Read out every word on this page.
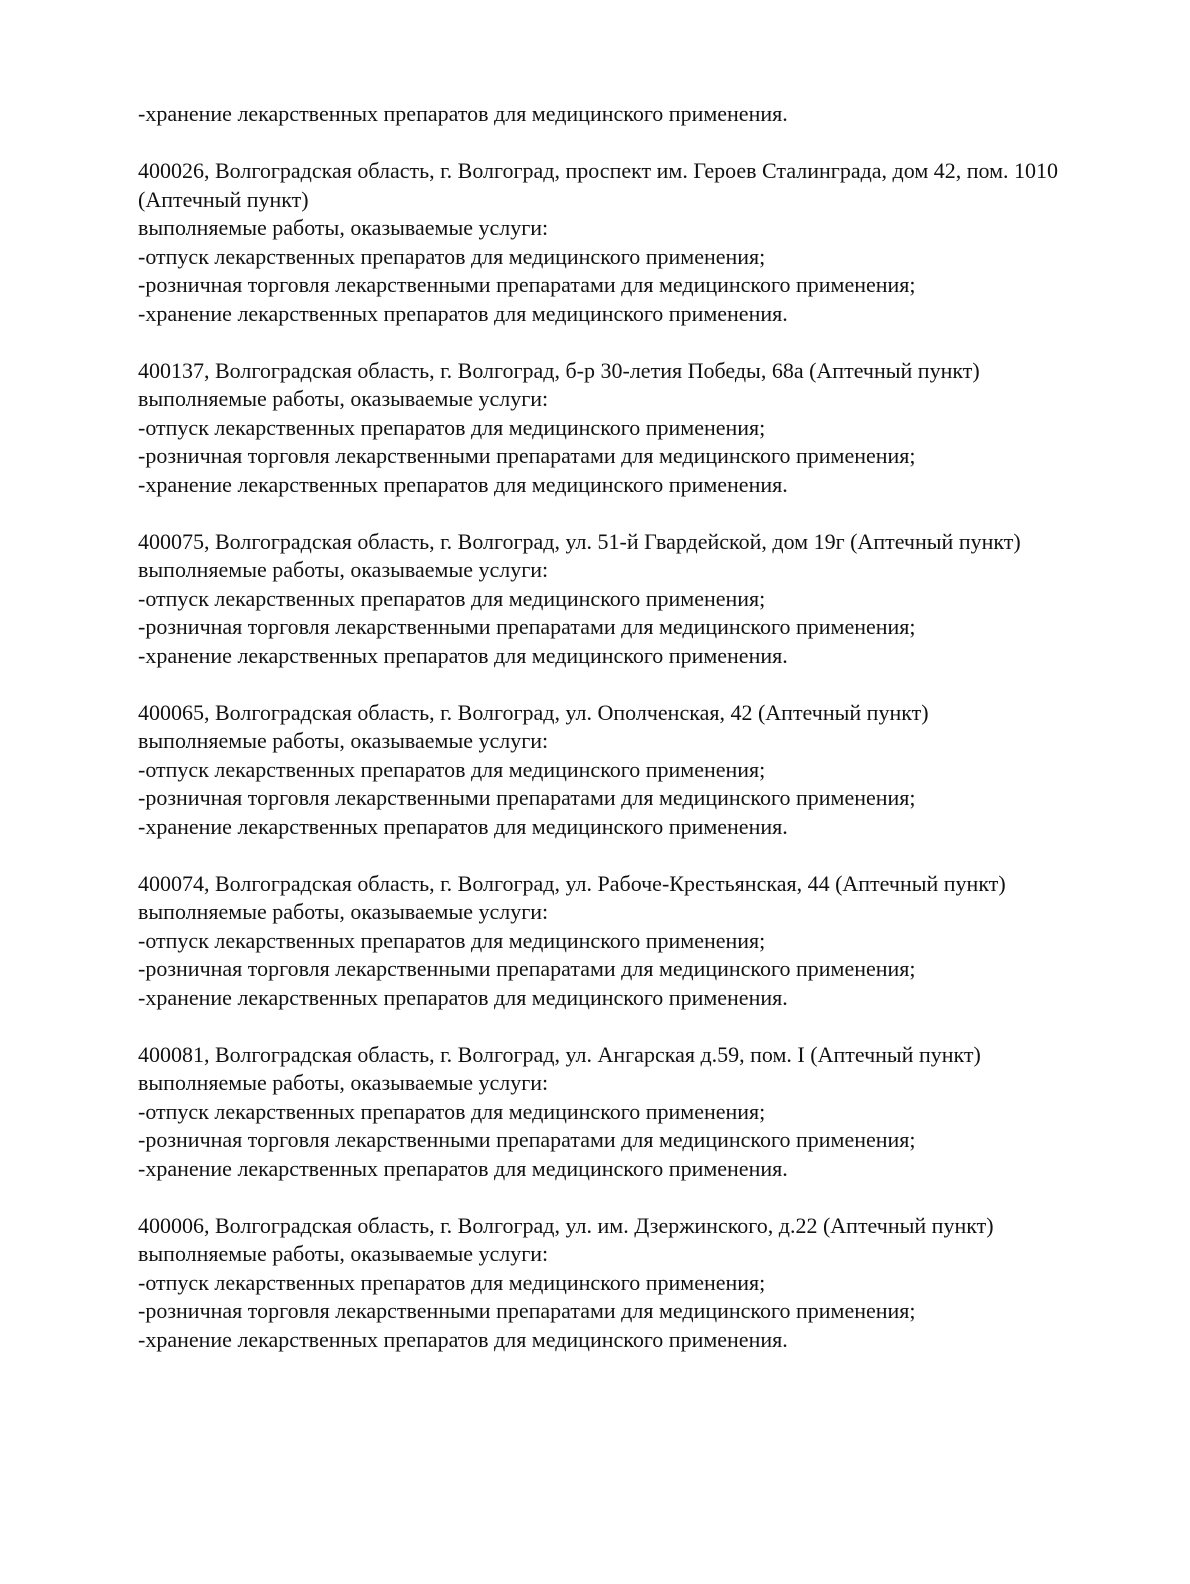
-хранение лекарственных препаратов для медицинского применения.
400026, Волгоградская область, г. Волгоград, проспект им. Героев Сталинграда, дом 42, пом. 1010 (Аптечный пункт)
выполняемые работы, оказываемые услуги:
-отпуск лекарственных препаратов для медицинского применения;
-розничная торговля лекарственными препаратами для медицинского применения;
-хранение лекарственных препаратов для медицинского применения.
400137, Волгоградская область, г. Волгоград, б-р 30-летия Победы, 68а (Аптечный пункт)
выполняемые работы, оказываемые услуги:
-отпуск лекарственных препаратов для медицинского применения;
-розничная торговля лекарственными препаратами для медицинского применения;
-хранение лекарственных препаратов для медицинского применения.
400075, Волгоградская область, г. Волгоград, ул. 51-й Гвардейской, дом 19г (Аптечный пункт)
выполняемые работы, оказываемые услуги:
-отпуск лекарственных препаратов для медицинского применения;
-розничная торговля лекарственными препаратами для медицинского применения;
-хранение лекарственных препаратов для медицинского применения.
400065, Волгоградская область, г. Волгоград, ул. Ополченская, 42 (Аптечный пункт)
выполняемые работы, оказываемые услуги:
-отпуск лекарственных препаратов для медицинского применения;
-розничная торговля лекарственными препаратами для медицинского применения;
-хранение лекарственных препаратов для медицинского применения.
400074, Волгоградская область, г. Волгоград, ул. Рабоче-Крестьянская, 44 (Аптечный пункт)
выполняемые работы, оказываемые услуги:
-отпуск лекарственных препаратов для медицинского применения;
-розничная торговля лекарственными препаратами для медицинского применения;
-хранение лекарственных препаратов для медицинского применения.
400081, Волгоградская область, г. Волгоград, ул. Ангарская д.59, пом. I (Аптечный пункт)
выполняемые работы, оказываемые услуги:
-отпуск лекарственных препаратов для медицинского применения;
-розничная торговля лекарственными препаратами для медицинского применения;
-хранение лекарственных препаратов для медицинского применения.
400006, Волгоградская область, г. Волгоград, ул. им. Дзержинского, д.22 (Аптечный пункт)
выполняемые работы, оказываемые услуги:
-отпуск лекарственных препаратов для медицинского применения;
-розничная торговля лекарственными препаратами для медицинского применения;
-хранение лекарственных препаратов для медицинского применения.
